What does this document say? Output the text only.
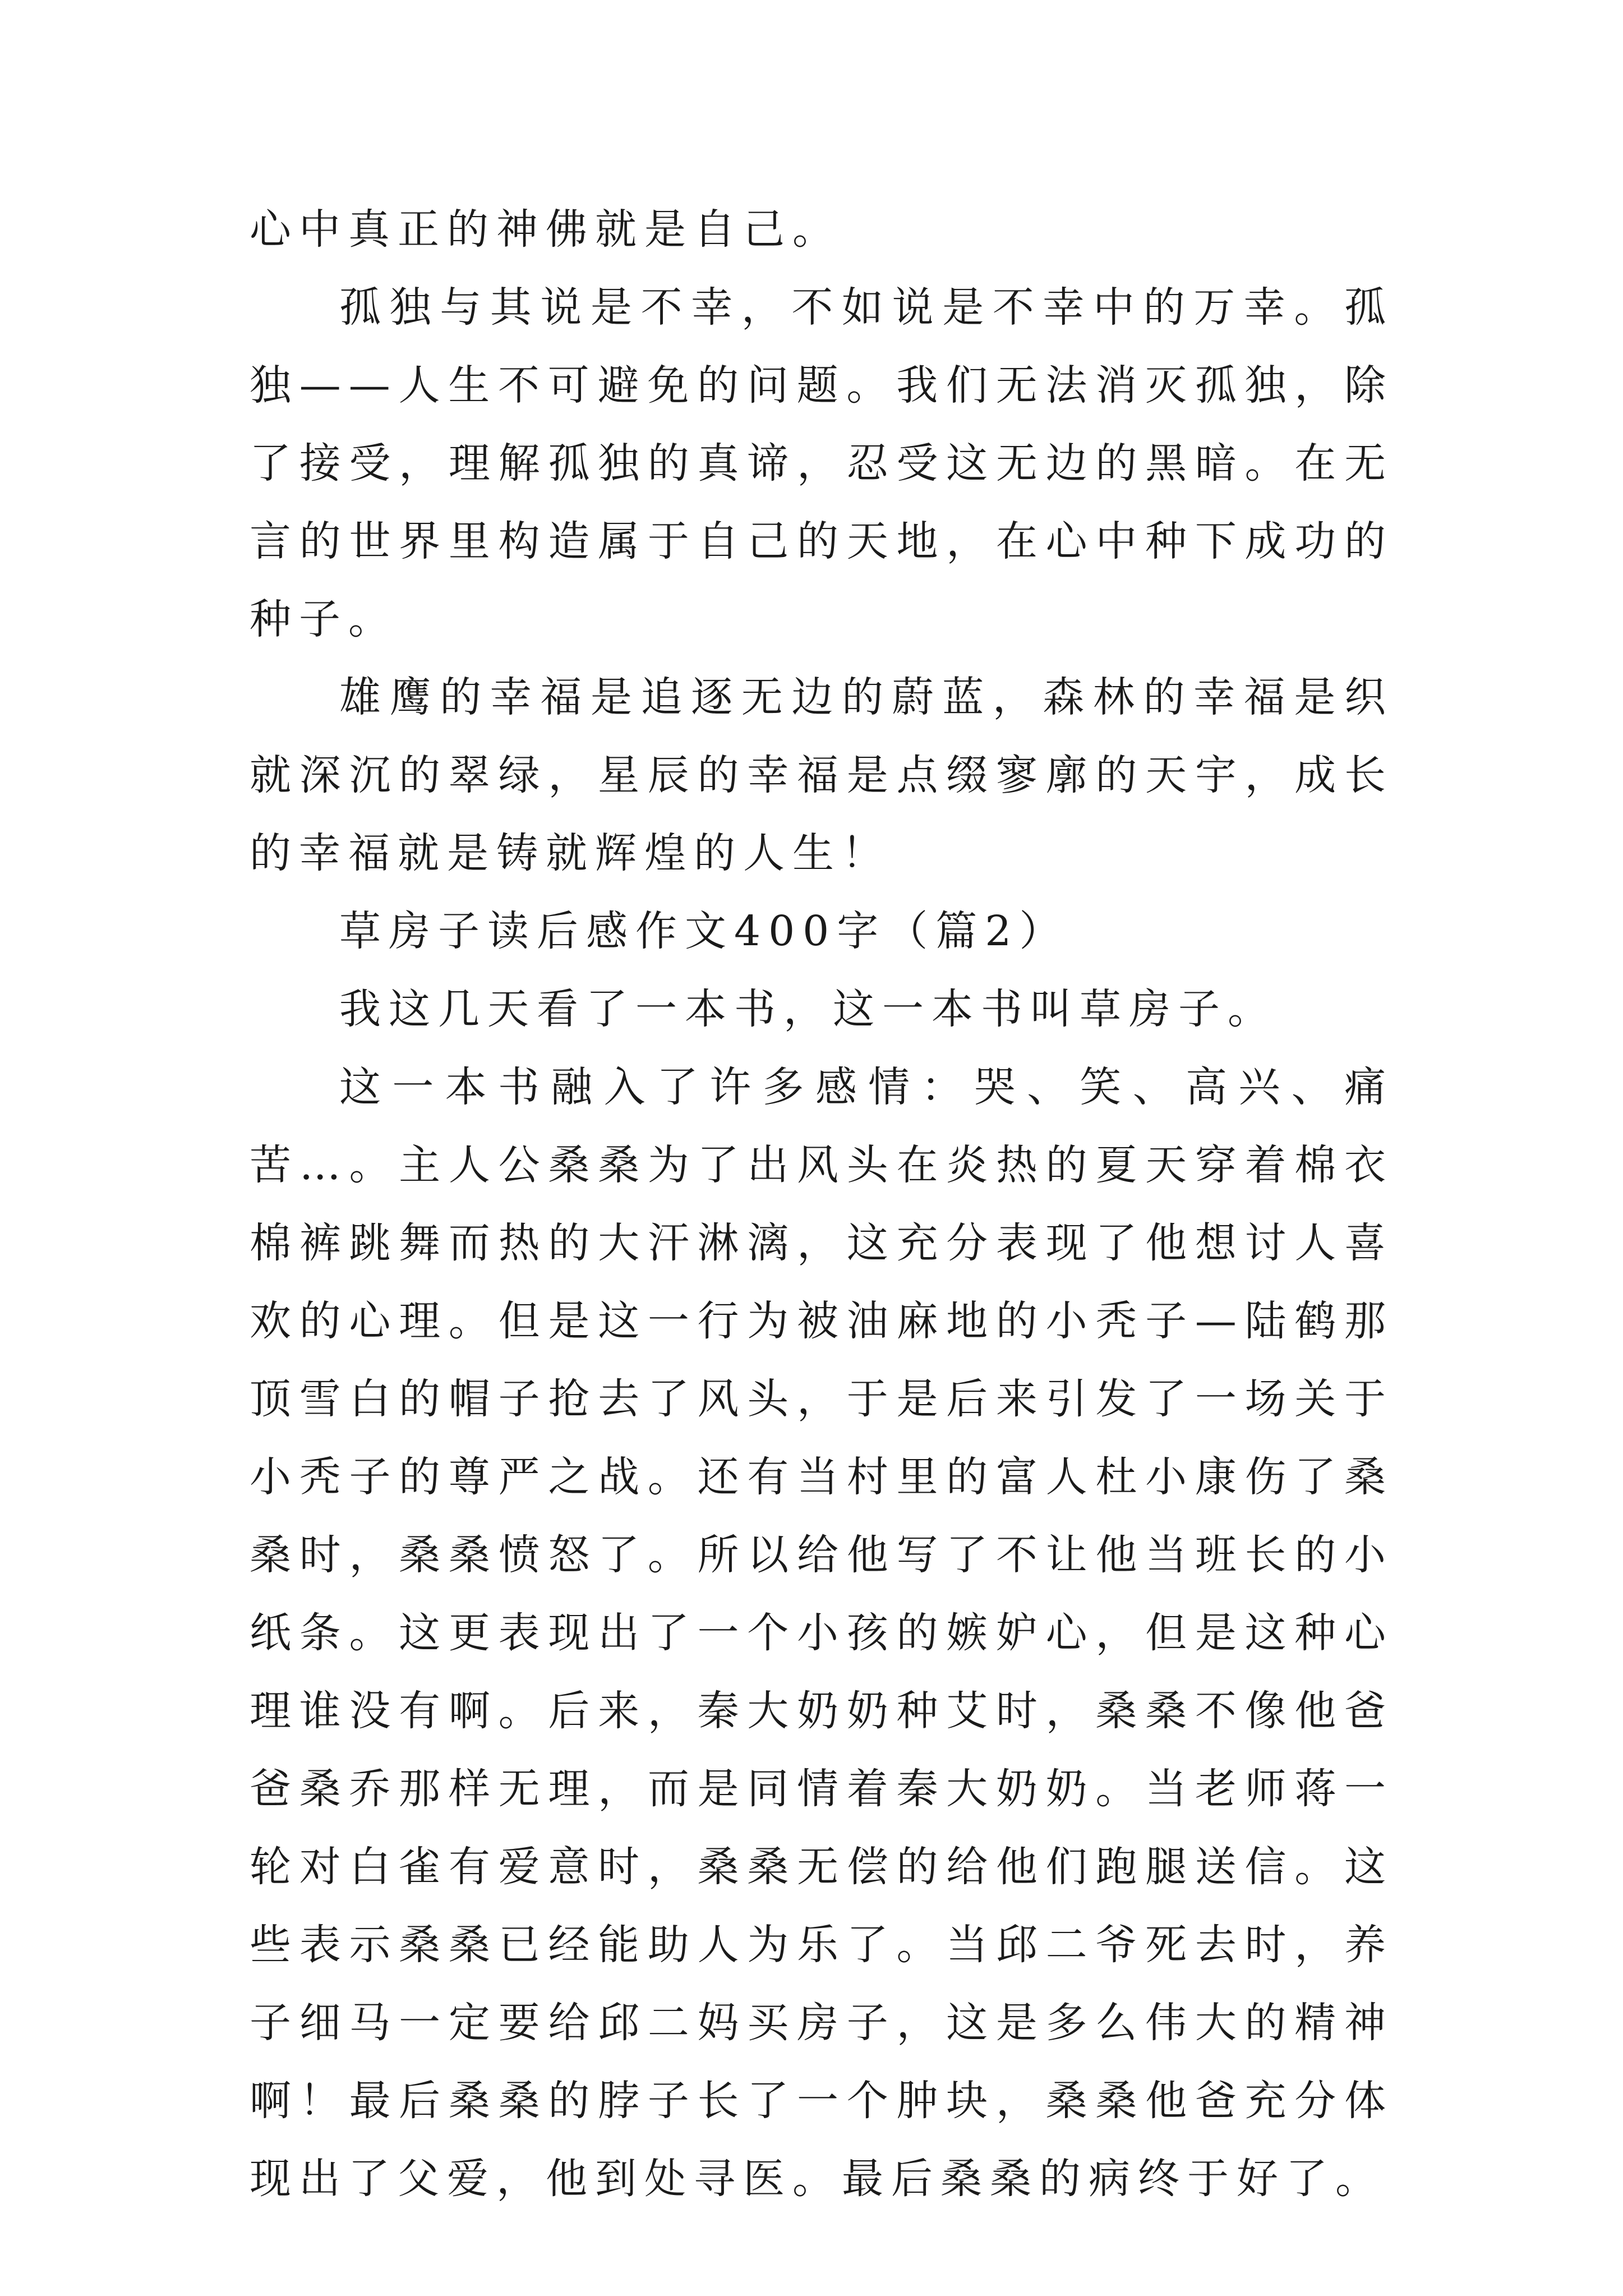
心中真正的神佛就是自己。

孤独与其说是不幸，不如说是不幸中的万幸。孤独——人生不可避免的问题。我们无法消灭孤独，除了接受，理解孤独的真谛，忍受这无边的黑暗。在无言的世界里构造属于自己的天地，在心中种下成功的种子。

雄鹰的幸福是追逐无边的蔚蓝，森林的幸福是织就深沉的翠绿，星辰的幸福是点缀寥廓的天宇，成长的幸福就是铸就辉煌的人生！

草房子读后感作文400字（篇2）

我这几天看了一本书，这一本书叫草房子。

这一本书融入了许多感情：哭、笑、高兴、痛苦…。主人公桑桑为了出风头在炎热的夏天穿着棉衣棉裤跳舞而热的大汗淋漓，这充分表现了他想讨人喜欢的心理。但是这一行为被油麻地的小秃子—陆鹤那顶雪白的帽子抢去了风头，于是后来引发了一场关于小秃子的尊严之战。还有当村里的富人杜小康伤了桑桑时，桑桑愤怒了。所以给他写了不让他当班长的小纸条。这更表现出了一个小孩的嫉妒心，但是这种心理谁没有啊。后来，秦大奶奶种艾时，桑桑不像他爸爸桑乔那样无理，而是同情着秦大奶奶。当老师蒋一轮对白雀有爱意时，桑桑无偿的给他们跑腿送信。这些表示桑桑已经能助人为乐了。当邱二爷死去时，养子细马一定要给邱二妈买房子，这是多么伟大的精神啊！最后桑桑的脖子长了一个肿块，桑桑他爸充分体现出了父爱，他到处寻医。最后桑桑的病终于好了。
